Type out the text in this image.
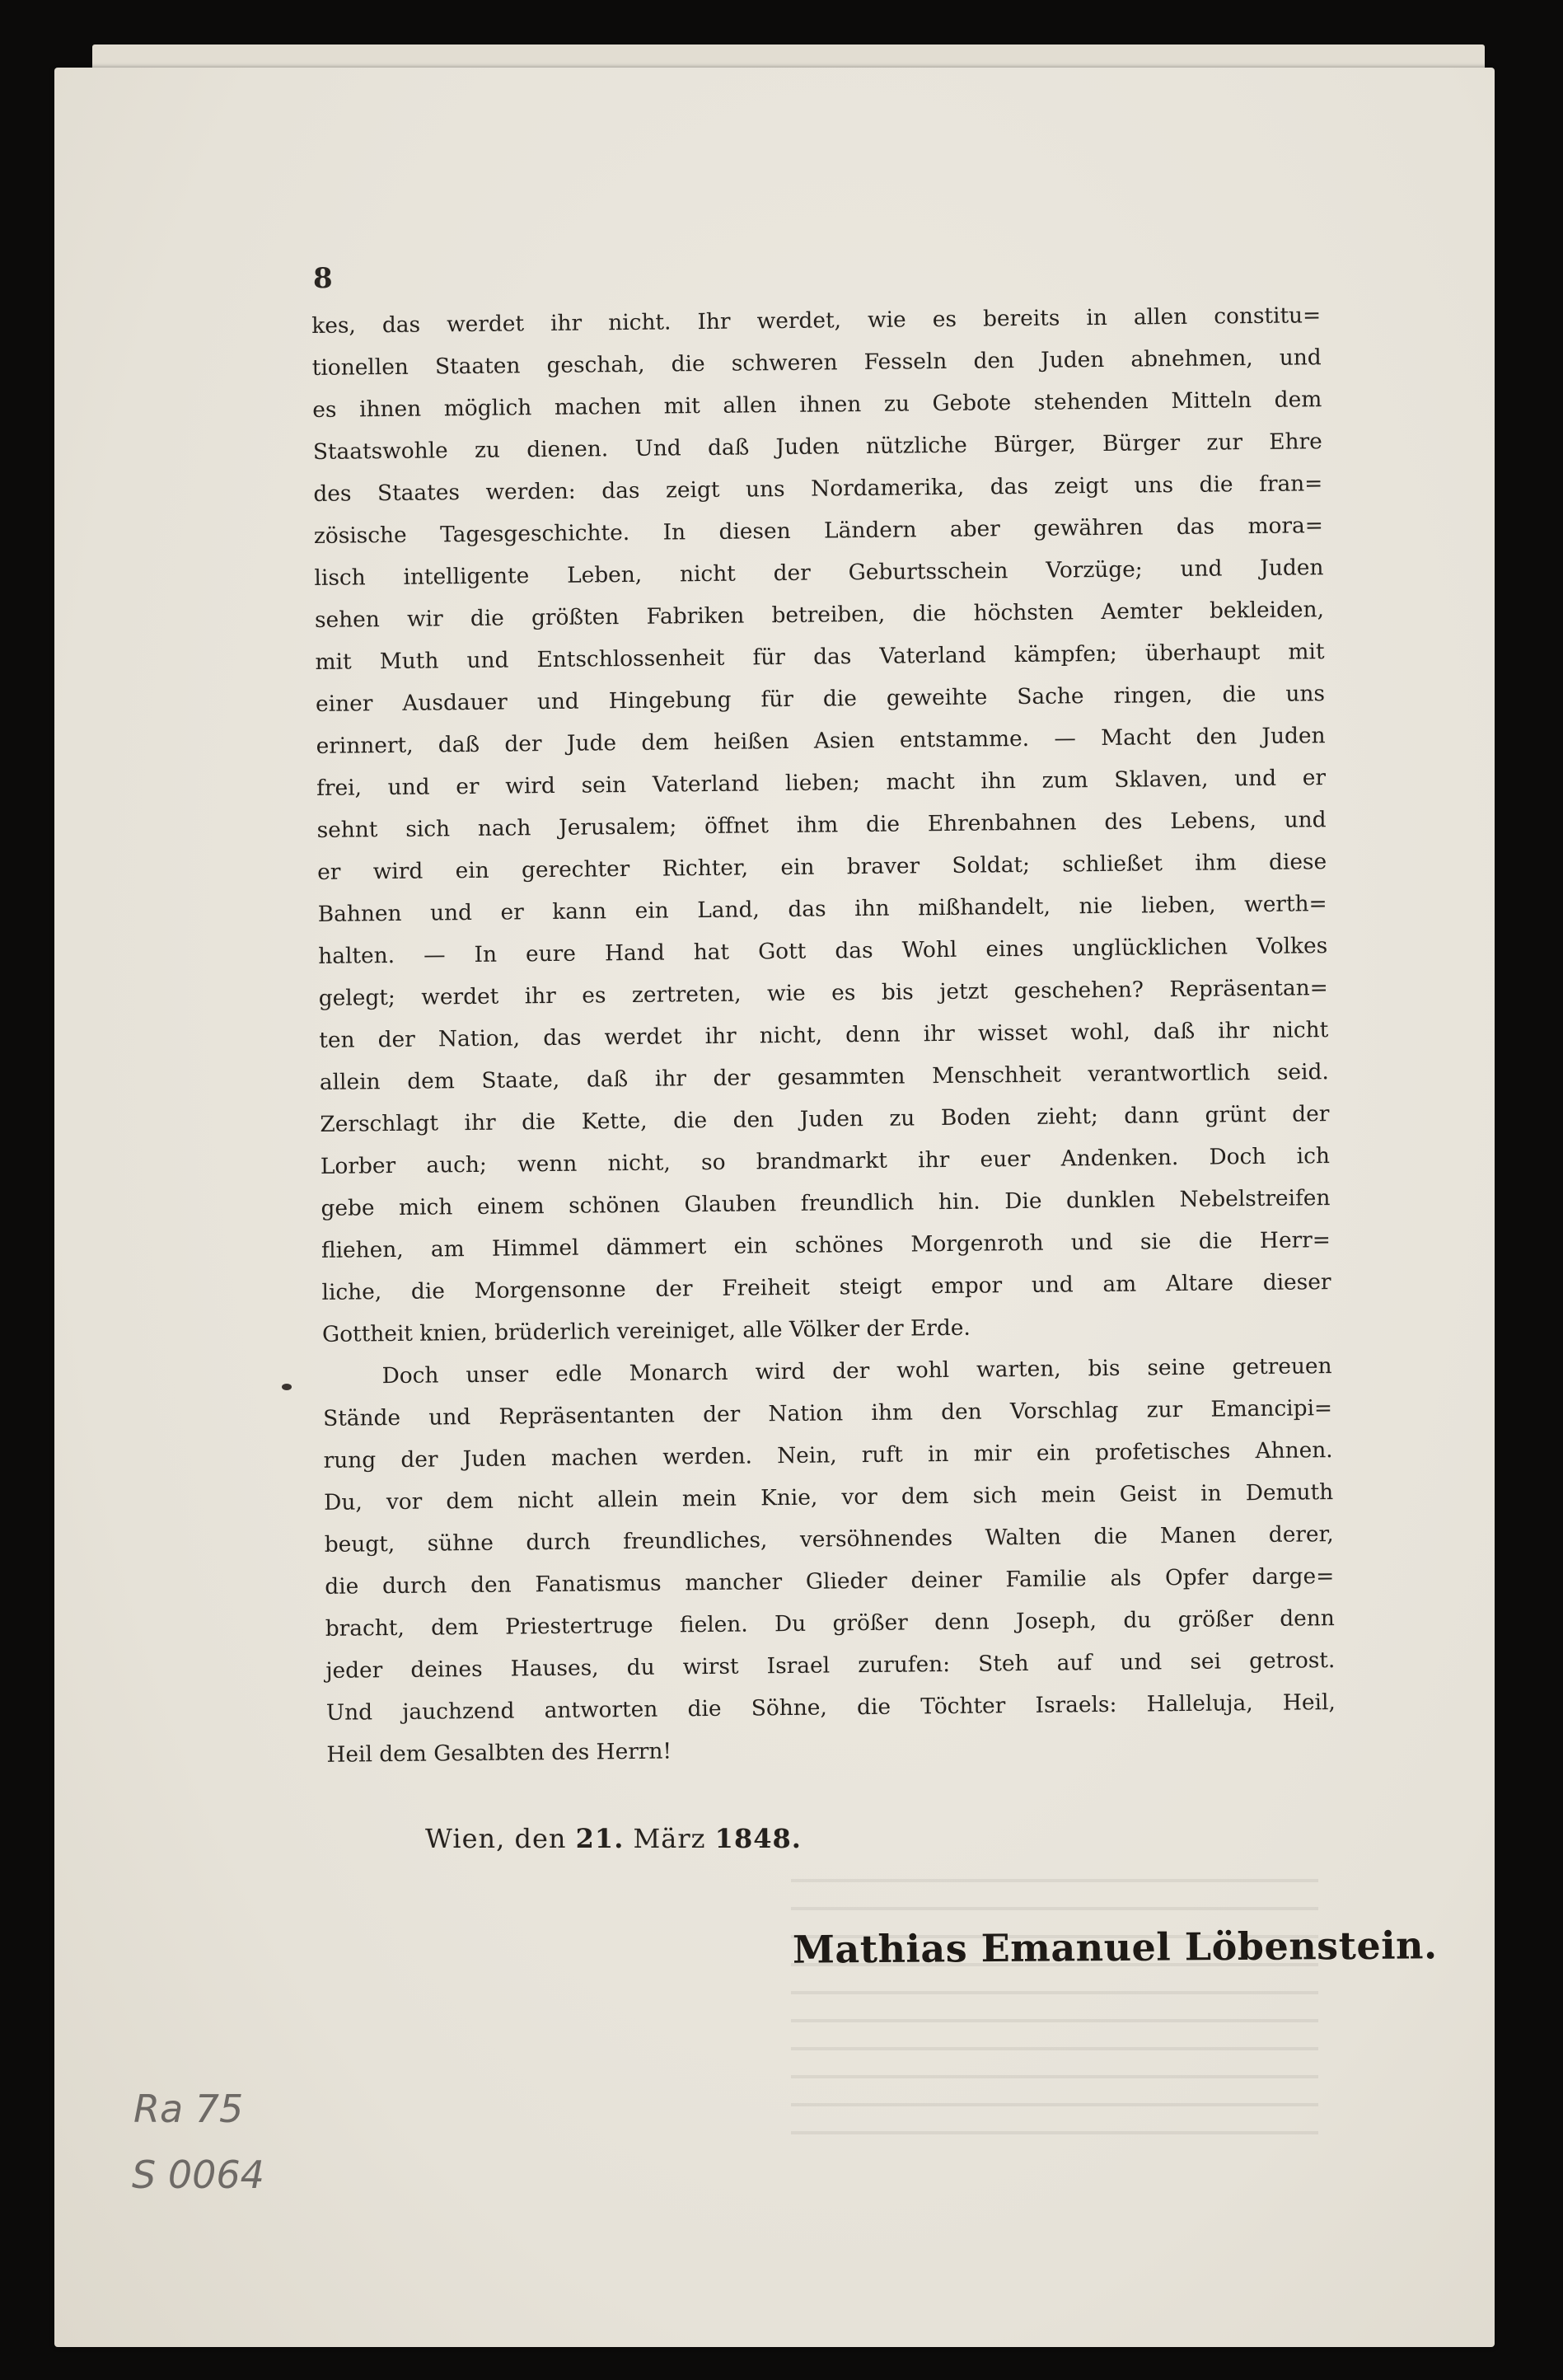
8
kes, das werdet ihr nicht. Ihr werdet, wie es bereits in allen constitu=
tionellen Staaten geschah, die schweren Fesseln den Juden abnehmen, und
es ihnen möglich machen mit allen ihnen zu Gebote stehenden Mitteln dem
Staatswohle zu dienen. Und daß Juden nützliche Bürger, Bürger zur Ehre
des Staates werden: das zeigt uns Nordamerika, das zeigt uns die fran=
zösische Tagesgeschichte. In diesen Ländern aber gewähren das mora=
lisch intelligente Leben, nicht der Geburtsschein Vorzüge; und Juden
sehen wir die größten Fabriken betreiben, die höchsten Aemter bekleiden,
mit Muth und Entschlossenheit für das Vaterland kämpfen; überhaupt mit
einer Ausdauer und Hingebung für die geweihte Sache ringen, die uns
erinnert, daß der Jude dem heißen Asien entstamme. — Macht den Juden
frei, und er wird sein Vaterland lieben; macht ihn zum Sklaven, und er
sehnt sich nach Jerusalem; öffnet ihm die Ehrenbahnen des Lebens, und
er wird ein gerechter Richter, ein braver Soldat; schließet ihm diese
Bahnen und er kann ein Land, das ihn mißhandelt, nie lieben, werth=
halten. — In eure Hand hat Gott das Wohl eines unglücklichen Volkes
gelegt; werdet ihr es zertreten, wie es bis jetzt geschehen? Repräsentan=
ten der Nation, das werdet ihr nicht, denn ihr wisset wohl, daß ihr nicht
allein dem Staate, daß ihr der gesammten Menschheit verantwortlich seid.
Zerschlagt ihr die Kette, die den Juden zu Boden zieht; dann grünt der
Lorber auch; wenn nicht, so brandmarkt ihr euer Andenken. Doch ich
gebe mich einem schönen Glauben freundlich hin. Die dunklen Nebelstreifen
fliehen, am Himmel dämmert ein schönes Morgenroth und sie die Herr=
liche, die Morgensonne der Freiheit steigt empor und am Altare dieser
Gottheit knien, brüderlich vereiniget, alle Völker der Erde.
Doch unser edle Monarch wird der wohl warten, bis seine getreuen
Stände und Repräsentanten der Nation ihm den Vorschlag zur Emancipi=
rung der Juden machen werden. Nein, ruft in mir ein profetisches Ahnen.
Du, vor dem nicht allein mein Knie, vor dem sich mein Geist in Demuth
beugt, sühne durch freundliches, versöhnendes Walten die Manen derer,
die durch den Fanatismus mancher Glieder deiner Familie als Opfer darge=
bracht, dem Priestertruge fielen. Du größer denn Joseph, du größer denn
jeder deines Hauses, du wirst Israel zurufen: Steh auf und sei getrost.
Und jauchzend antworten die Söhne, die Töchter Israels: Halleluja, Heil,
Heil dem Gesalbten des Herrn!
Wien, den 21. März 1848.
Mathias Emanuel Löbenstein.
Ra 75
S 0064
